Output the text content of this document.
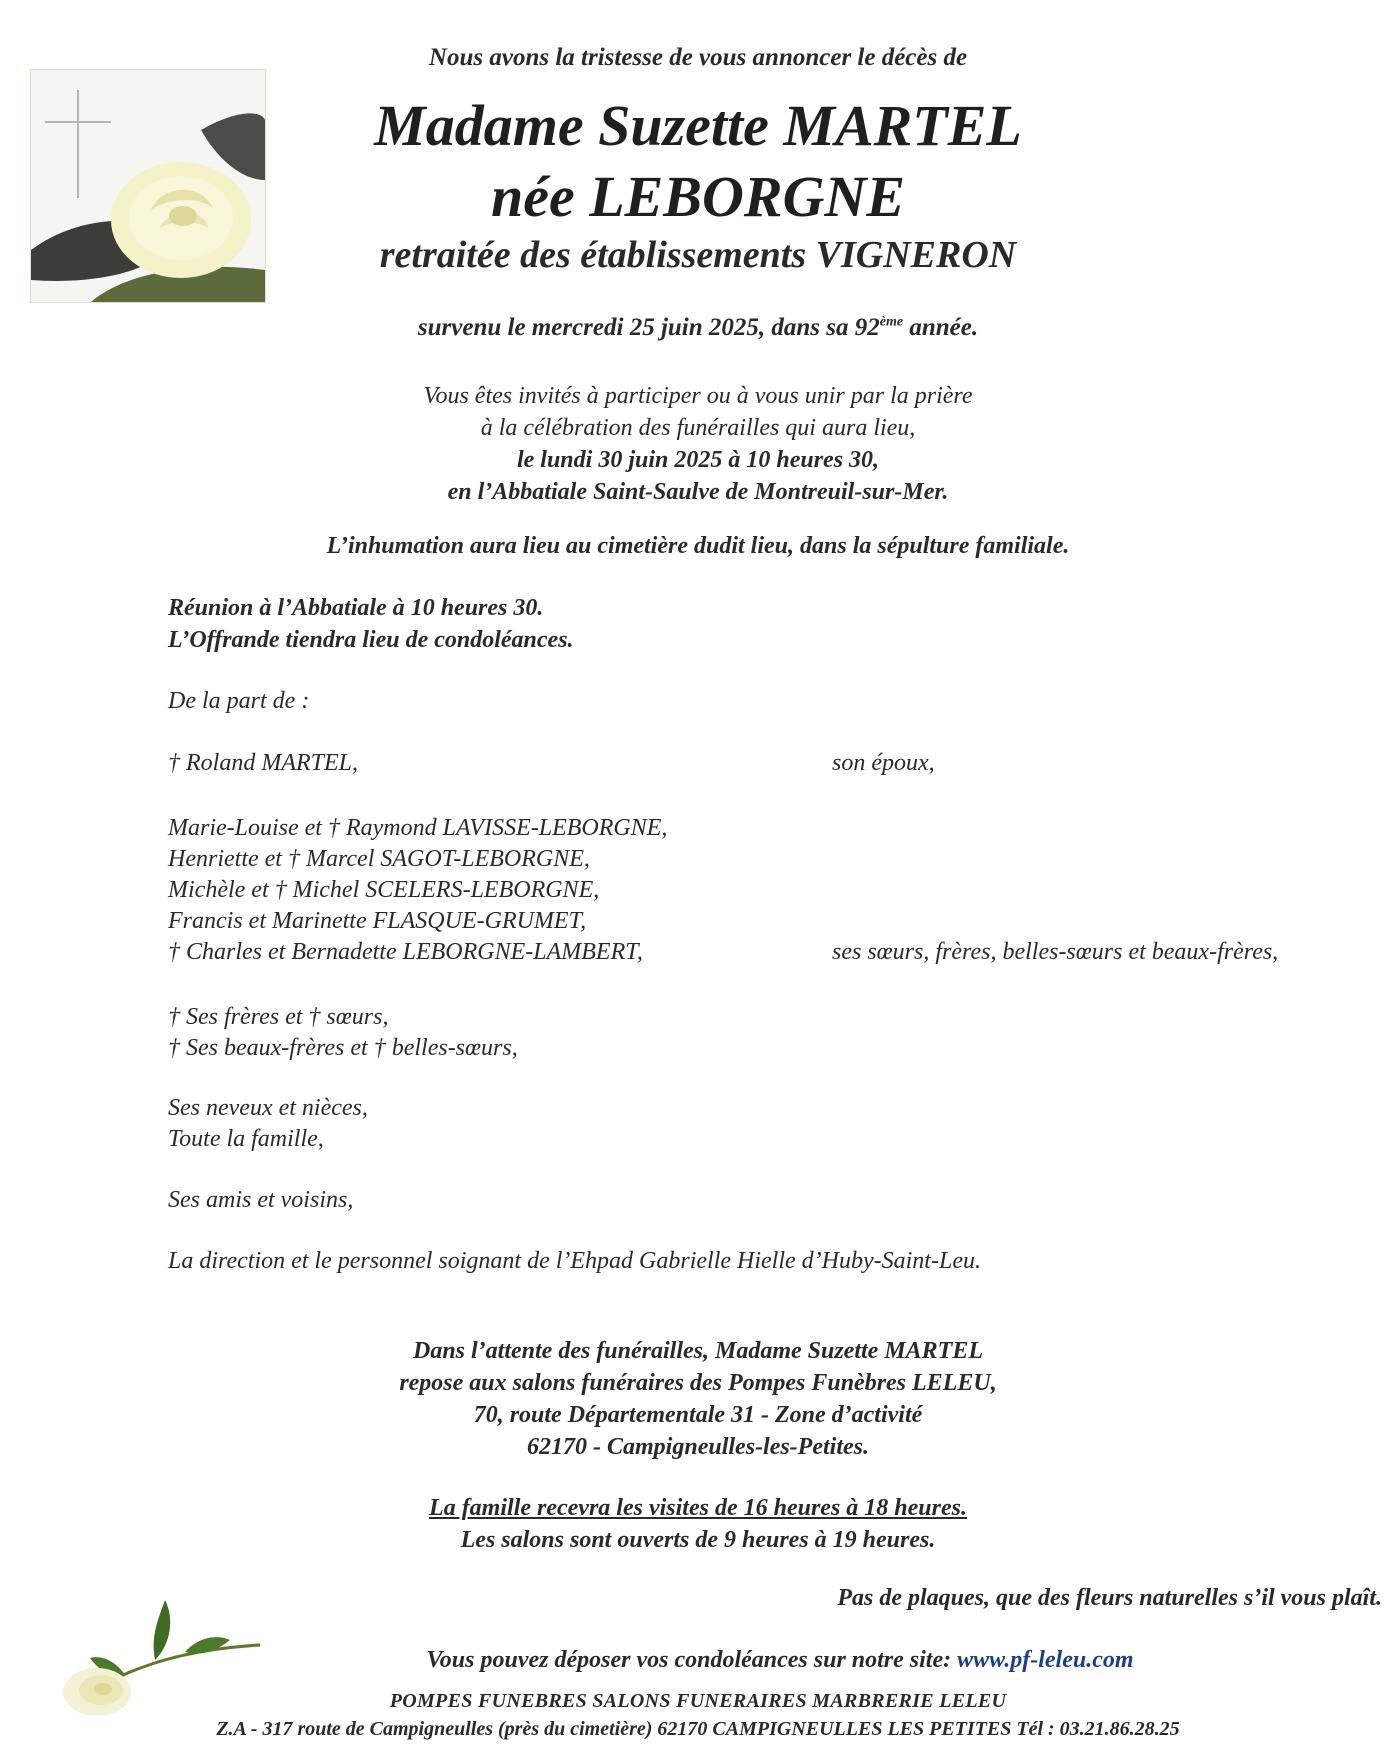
Nous avons la tristesse de vous annoncer le décès de
Madame Suzette MARTEL
née LEBORGNE
retraitée des établissements VIGNERON
survenu le mercredi 25 juin 2025, dans sa 92ème année.
Vous êtes invités à participer ou à vous unir par la prière
à la célébration des funérailles qui aura lieu,
le lundi 30 juin 2025 à 10 heures 30,
en l’Abbatiale Saint-Saulve de Montreuil-sur-Mer.
L’inhumation aura lieu au cimetière dudit lieu, dans la sépulture familiale.
Réunion à l’Abbatiale à 10 heures 30.
L’Offrande tiendra lieu de condoléances.
De la part de :
† Roland MARTEL,	son époux,
Marie-Louise et † Raymond LAVISSE-LEBORGNE,
Henriette et † Marcel SAGOT-LEBORGNE,
Michèle et † Michel SCELERS-LEBORGNE,
Francis et Marinette FLASQUE-GRUMET,
† Charles et Bernadette LEBORGNE-LAMBERT,	ses sœurs, frères, belles-sœurs et beaux-frères,
† Ses frères et † sœurs,
† Ses beaux-frères et † belles-sœurs,
Ses neveux et nièces,
Toute la famille,
Ses amis et voisins,
La direction et le personnel soignant de l’Ehpad Gabrielle Hielle d’Huby-Saint-Leu.
Dans l’attente des funérailles, Madame Suzette MARTEL
repose aux salons funéraires des Pompes Funèbres LELEU,
70, route Départementale 31 - Zone d’activité
62170 - Campigneulles-les-Petites.
La famille recevra les visites de 16 heures à 18 heures.
Les salons sont ouverts de 9 heures à 19 heures.
Pas de plaques, que des fleurs naturelles s’il vous plaît.
Vous pouvez déposer vos condoléances sur notre site: www.pf-leleu.com
POMPES FUNEBRES SALONS FUNERAIRES MARBRERIE LELEU
Z.A - 317 route de Campigneulles (près du cimetière) 62170 CAMPIGNEULLES LES PETITES Tél : 03.21.86.28.25
